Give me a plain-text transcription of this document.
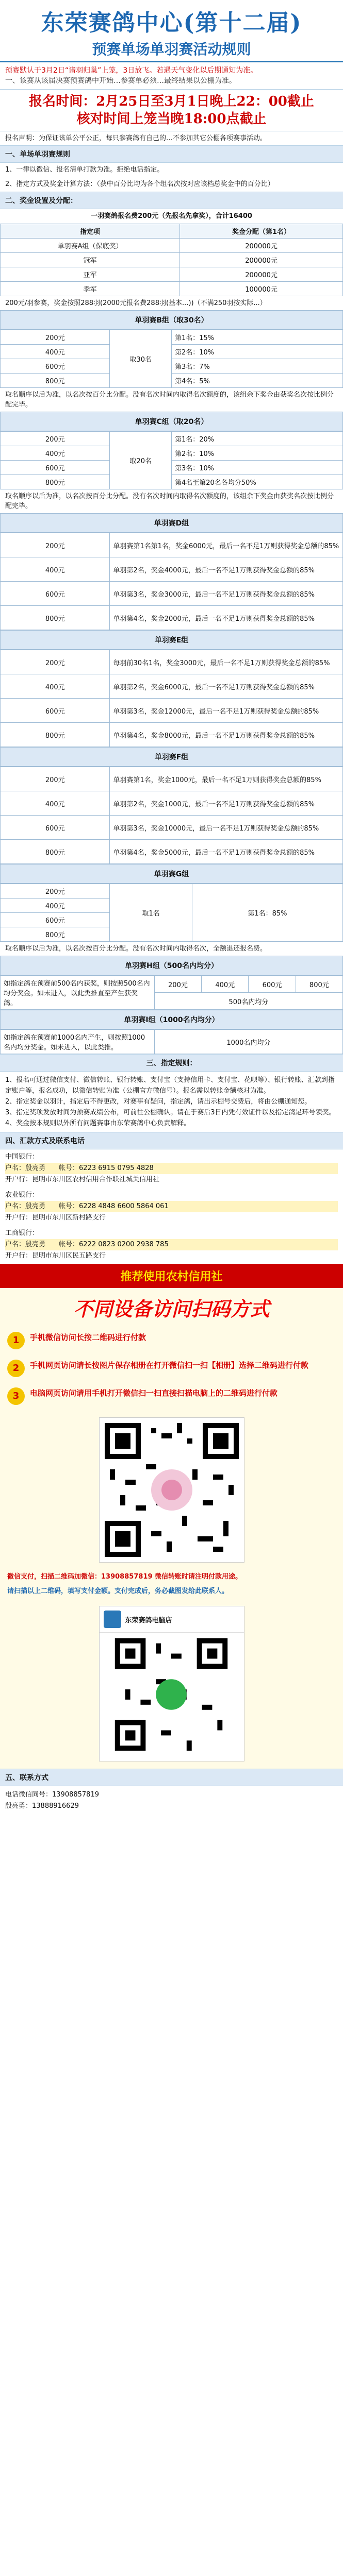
东荣赛鸽中心(第十二届)
预赛单场单羽赛活动规则
预赛默认于3月2日“诸羽归巢”上笼，3日放飞。若遇天气变化以后期通知为准。
一、该赛从该届决赛预赛鸽中开始…参赛单必须…最终结果以公棚为准。
报名时间：2月25日至3月1日晚上22：00截止
核对时间上笼当晚18:00点截止
报名声明：为保证该单公平公正，每只参赛鸽有自己的…不参加其它公棚各项赛事活动。
一、单场单羽赛规则
1、一律以微信、报名清单打款为准。拒绝电话指定。
2、指定方式及奖金计算方法：（获中百分比均为各个组名次按对应该档总奖金中的百分比）
二、奖金设置及分配：
一羽赛鸽报名费200元（先报名先拿奖），合计16400
指定项	奖金分配（第1名）
单羽赛A组（保底奖）	200000元
冠军	200000元
亚军	200000元
季军	100000元
200元/羽参赛，奖金按照288羽(2000元报名费288羽(基本...))（不满250羽按实际...）
单羽赛B组（取30名）
200元	取30名	第1名：15%
400元		第2名：10%
600元		第3名：7%
800元		第4名：5%
取名顺序以后为准，以名次按百分比分配。没有名次时间内取得名次额度的，该组余下奖金由获奖名次按比例分配完毕。
单羽赛C组（取20名）
200元	取20名	第1名：20%
400元		第2名：10%
600元		第3名：10%
800元		第4名至第20名各均分50%
取名顺序以后为准，以名次按百分比分配。没有名次时间内取得名次额度的，该组余下奖金由获奖名次按比例分配完毕。
单羽赛D组
200元	单羽赛第1名第1名，奖金6000元，最后一名不足1万则获得奖金总额的85%
400元	单羽第2名，奖金4000元，最后一名不足1万则获得奖金总额的85%
600元	单羽第3名，奖金3000元，最后一名不足1万则获得奖金总额的85%
800元	单羽第4名，奖金2000元，最后一名不足1万则获得奖金总额的85%
单羽赛E组
200元	每羽前30名1名，奖金3000元，最后一名不足1万则获得奖金总额的85%
400元	单羽第2名，奖金6000元，最后一名不足1万则获得奖金总额的85%
600元	单羽第3名，奖金12000元，最后一名不足1万则获得奖金总额的85%
800元	单羽第4名，奖金8000元，最后一名不足1万则获得奖金总额的85%
单羽赛F组
200元	单羽赛第1名，奖金1000元，最后一名不足1万则获得奖金总额的85%
400元	单羽第2名，奖金1000元，最后一名不足1万则获得奖金总额的85%
600元	单羽第3名，奖金10000元，最后一名不足1万则获得奖金总额的85%
800元	单羽第4名，奖金5000元，最后一名不足1万则获得奖金总额的85%
单羽赛G组
200元	取1名	第1名：85%
400元
600元
800元
取名顺序以后为准，以名次按百分比分配。没有名次时间内取得名次，全额退还报名费。
单羽赛H组（500名内均分）
如指定鸽在预赛前500名内获奖，则按照500名内均分奖金。如未进入，以此类推直至产生获奖鸽。	200元	400元	600元	800元
500名内均分
单羽赛I组（1000名内均分）
如指定鸽在预赛前1000名内产生，则按照1000名内均分奖金。如未进入，以此类推。	1000名内均分
三、指定规则：
1、报名可通过微信支付、微信转账、银行转账、支付宝（支持信用卡、支付宝、花呗等）、银行转账、汇款到指定账户等，报名成功，以微信转账为准（公棚官方微信号）。报名需以转账金额核对为准。
2、指定奖金以羽计，指定后不得更改，对赛事有疑问，指定鸽，请出示棚号交费后，将由公棚通知您。
3、指定奖项发放时间为预赛成绩公布，可前往公棚确认。请在于赛后3日内凭有效证件以及指定鸽足环号领奖。
4、奖金按本规则以外所有问题赛事由东荣赛鸽中心负责解释。
四、汇款方式及联系电话
中国银行：
户名：殷亮勇　　 帐号：6223 6915 0795 4828
开户行：昆明市东川区农村信用合作联社城关信用社
农业银行：
户名：殷亮勇　　 帐号：6228 4848 6600 5864 061
开户行：昆明市东川区新村路支行
工商银行：
户名：殷亮勇　　 帐号：6222 0823 0200 2938 785
开户行：昆明市东川区民五路支行
推荐使用农村信用社
不同设备访问扫码方式
1	手机微信访问长按二维码进行付款
2	手机网页访问请长按图片保存相册在打开微信扫一扫【相册】选择二维码进行付款
3	电脑网页访问请用手机打开微信扫一扫直接扫描电脑上的二维码进行付款
微信支付，扫描二维码加微信：13908857819 微信转账时请注明付款用途。
请扫描以上二维码，填写支付金额。支付完成后，务必截图发给此联系人。
东荣赛鸽电脑店
五、联系方式
电话微信同号：13908857819
殷亮勇：13888916629
